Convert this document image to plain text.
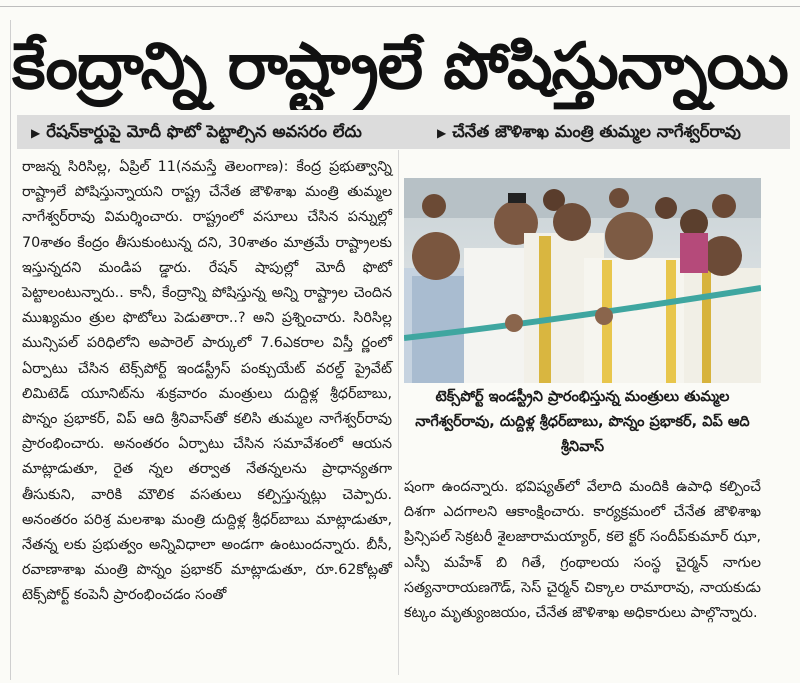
కేంద్రాన్ని రాష్ట్రాలే పోషిస్తున్నాయి
▶ రేషన్‌కార్డుపై మోదీ ఫొటో పెట్టాల్సిన అవసరం లేదు	▶ చేనేత జౌళిశాఖ మంత్రి తుమ్మల నాగేశ్వర్‌రావు

రాజన్న సిరిసిల్ల, ఏప్రిల్ 11(నమస్తే తెలంగాణ): కేంద్ర ప్రభుత్వాన్ని రాష్ట్రాలే పోషిస్తున్నాయని రాష్ట్ర చేనేత జౌళిశాఖ మంత్రి తుమ్మల నాగేశ్వర్‌రావు విమర్శించారు. రాష్ట్రంలో వసూలు చేసిన పన్నుల్లో 70శాతం కేంద్రం తీసుకుంటున్న దని, 30శాతం మాత్రమే రాష్ట్రాలకు ఇస్తున్నదని మండిప డ్డారు. రేషన్ షాపుల్లో మోదీ ఫొటో పెట్టాలంటున్నారు.. కానీ, కేంద్రాన్ని పోషిస్తున్న అన్ని రాష్ట్రాల చెందిన ముఖ్యమం త్రుల ఫొటోలు పెడుతారా..? అని ప్రశ్నించారు. సిరిసిల్ల మున్సిపల్ పరిధిలోని అపారెల్ పార్కులో 7.6ఎకరాల విస్తీ ర్ణంలో ఏర్పాటు చేసిన టెక్స్‌పోర్ట్ ఇండస్ట్రీస్ పంక్చుయేట్ వరల్డ్ ప్రైవేట్ లిమిటెడ్ యూనిట్‌ను శుక్రవారం మంత్రులు దుద్దిళ్ల శ్రీధర్‌బాబు, పొన్నం ప్రభాకర్, విప్ ఆది శ్రీనివాస్‌తో కలిసి తుమ్మల నాగేశ్వర్‌రావు ప్రారంభించారు. అనంతరం ఏర్పాటు చేసిన సమావేశంలో ఆయన మాట్లాడుతూ, రైత న్నల తర్వాత నేతన్నలను ప్రాధాన్యతగా తీసుకుని, వారికి మౌలిక వసతులు కల్పిస్తున్నట్లు చెప్పారు. అనంతరం పరిశ్ర మలశాఖ మంత్రి దుద్దిళ్ల శ్రీధర్‌బాబు మాట్లాడుతూ, నేతన్న లకు ప్రభుత్వం అన్నివిధాలా అండగా ఉంటుందన్నారు. బీసీ, రవాణాశాఖ మంత్రి పొన్నం ప్రభాకర్ మాట్లాడుతూ, రూ.62కోట్లతో టెక్స్‌పోర్ట్ కంపెనీ ప్రారంభించడం సంతో

టెక్స్‌పోర్ట్ ఇండస్ట్రీని ప్రారంభిస్తున్న మంత్రులు తుమ్మల నాగేశ్వర్‌రావు, దుద్దిళ్ల శ్రీధర్‌బాబు, పొన్నం ప్రభాకర్, విప్ ఆది శ్రీనివాస్

షంగా ఉందన్నారు. భవిష్యత్‌లో వేలాది మందికి ఉపాధి కల్పించే దిశగా ఎదగాలని ఆకాంక్షించారు. కార్యక్రమంలో చేనేత జౌళిశాఖ ప్రిన్సిపల్ సెక్రటరీ శైలజారామయ్యార్, కలె క్టర్ సందీప్‌కుమార్ ఝా, ఎస్పీ మహేశ్ బి గితే, గ్రంథాలయ సంస్థ చైర్మన్ నాగుల సత్యనారాయణగౌడ్, సెస్ చైర్మన్ చిక్కాల రామారావు, నాయకుడు కట్కం మృత్యుంజయం, చేనేత జౌళిశాఖ అధికారులు పాల్గొన్నారు.
